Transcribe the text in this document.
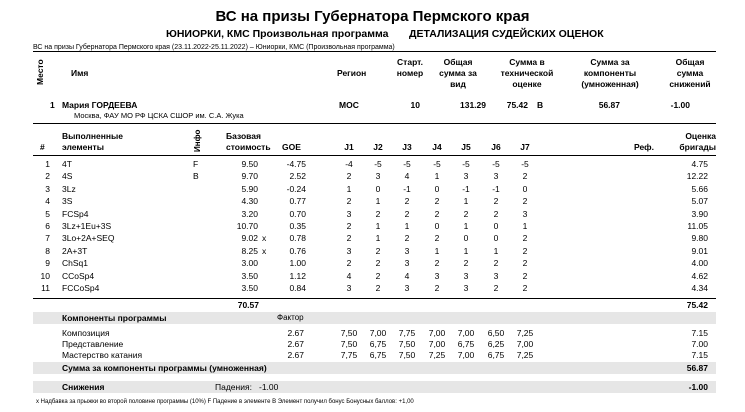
ВС на призы Губернатора Пермского края
ЮНИОРКИ, КМС Произвольная программа ДЕТАЛИЗАЦИЯ СУДЕЙСКИХ ОЦЕНОК
ВС на призы Губернатора Пермского края (23.11.2022-25.11.2022) – Юниорки, КМС (Произвольная программа)
Место	Имя	Регион
Старт. номер
Общая сумма за вид
Сумма в технической оценке
Сумма за компоненты (умноженная)
Общая сумма снижений
1 Мария ГОРДЕЕВА	МОС	10	131.29	75.42 B	56.87	-1.00
Москва, ФАУ МО РФ ЦСКА СШОР им. С.А. Жука
#
Выполненные элементы	Инфо	Базовая стоимость	GOE	J1	J2	J3	J4	J5	J6	J7	Реф.
Оценка бригады
1 4T	F	9.50	-4.75	-4	-5	-5	-5	-5	-5	-5	4.75
2 4S	B	9.70	2.52	2	3	4	1	3	3	2	12.22
3 3Lz	5.90	-0.24	1	0	-1	0	-1	-1	0	5.66
4 3S	4.30	0.77	2	1	2	2	1	2	2	5.07
5 FCSp4	3.20	0.70	3	2	2	2	2	2	3	3.90
6 3Lz+1Eu+3S	10.70	0.35	2	1	1	0	1	0	1	11.05
7 3Lo+2A+SEQ	9.02 x	0.78	2	1	2	2	0	0	2	9.80
8 2A+3T	8.25 x	0.76	3	2	3	1	1	1	2	9.01
9 ChSq1	3.00	1.00	2	2	3	2	2	2	2	4.00
10 CCoSp4	3.50	1.12	4	2	4	3	3	3	2	4.62
11 FCCoSp4	3.50	0.84	3	2	3	2	3	2	2	4.34
70.57	75.42
Компоненты программы	Фактор
Композиция	2.67	7,50	7,00	7,75	7,00	7,00	6,50	7,25	7.15
Представление	2.67	7,50	6,75	7,50	7,00	6,75	6,25	7,00	7.00
Мастерство катания	2.67	7,75	6,75	7,50	7,25	7,00	6,75	7,25	7.15
Сумма за компоненты программы (умноженная)	56.87
Снижения	Падения: -1.00	-1.00
x Надбавка за прыжки во второй половине программы (10%) F Падение в элементе B Элемент получил бонус Бонусных баллов: +1,00
